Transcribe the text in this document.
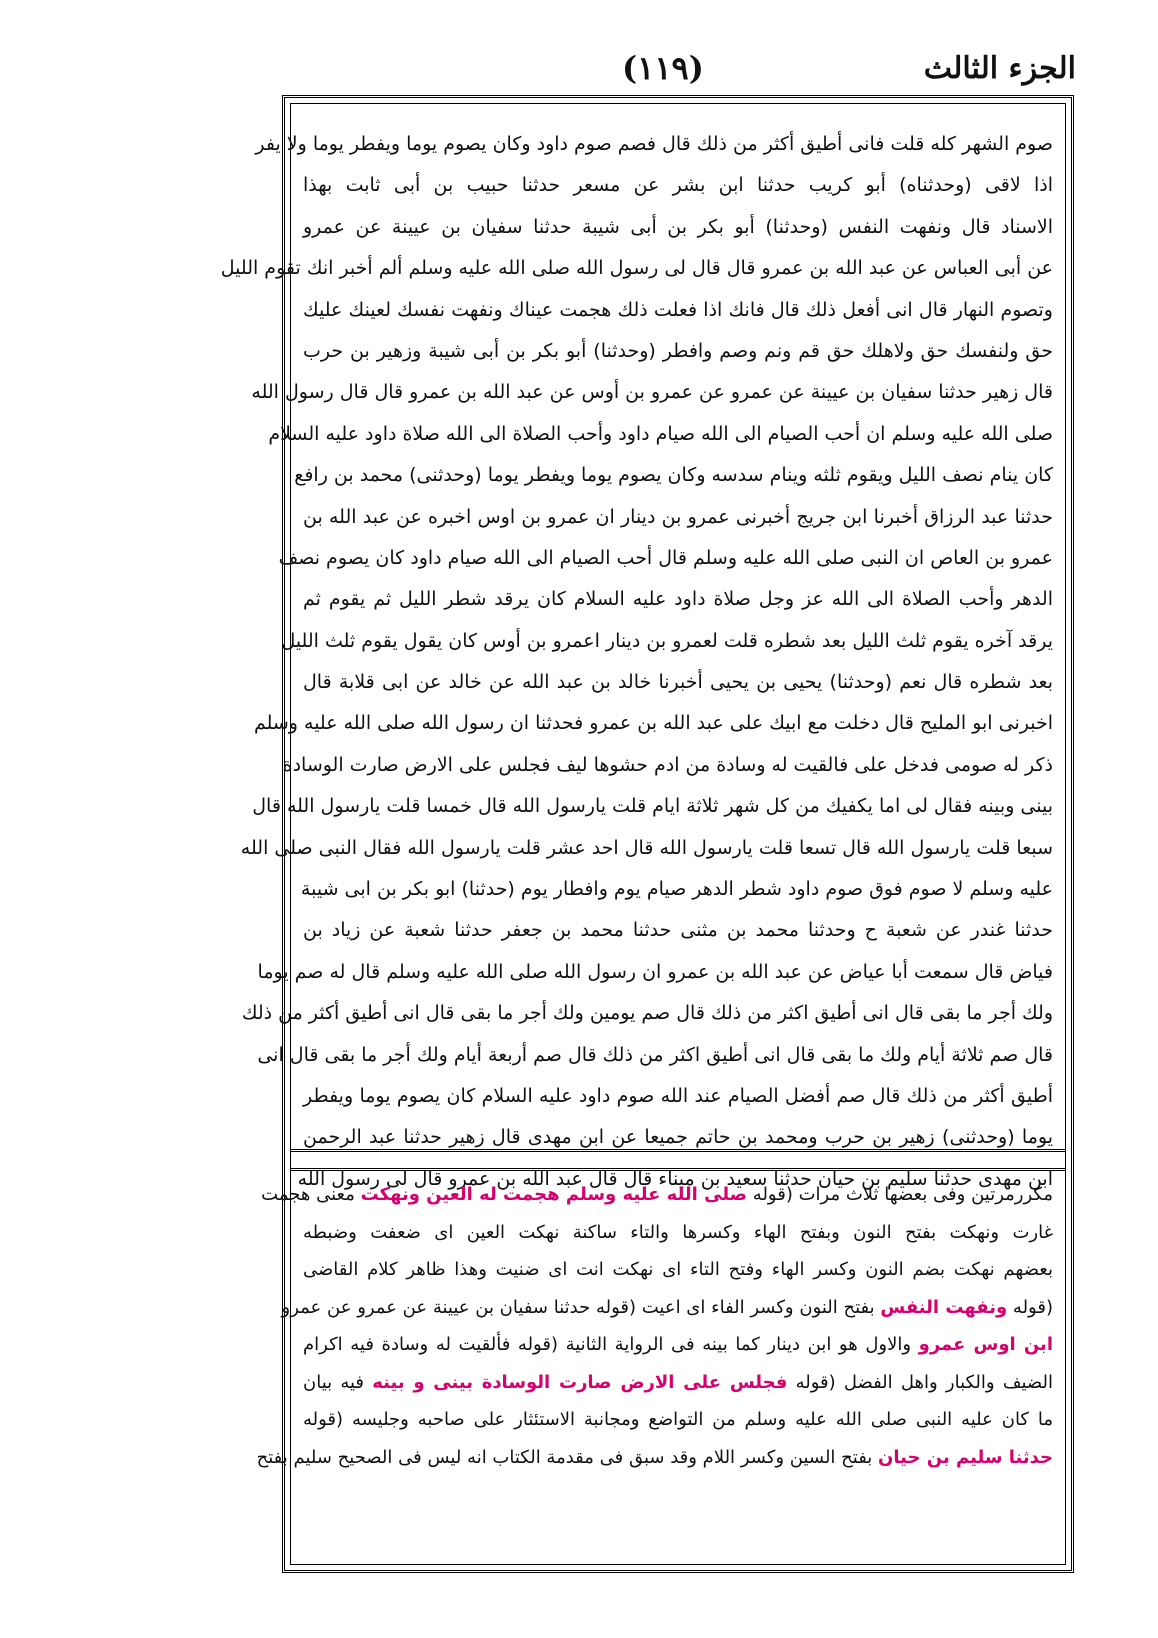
الجزء الثالث
(١١٩)
صوم الشهر كله قلت فانى أطيق أكثر من ذلك قال فصم صوم داود وكان يصوم يوما ويفطر يوما ولا يفر
اذا لاقى (وحدثناه) أبو كريب حدثنا ابن بشر عن مسعر حدثنا حبيب بن أبى ثابت بهذا
الاسناد قال ونفهت النفس (وحدثنا) أبو بكر بن أبى شيبة حدثنا سفيان بن عيينة عن عمرو
عن أبى العباس عن عبد الله بن عمرو قال قال لى رسول الله صلى الله عليه وسلم ألم أخبر انك تقوم الليل
وتصوم النهار قال انى أفعل ذلك قال فانك اذا فعلت ذلك هجمت عيناك ونفهت نفسك لعينك عليك
حق ولنفسك حق ولاهلك حق قم ونم وصم وافطر (وحدثنا) أبو بكر بن أبى شيبة وزهير بن حرب
قال زهير حدثنا سفيان بن عيينة عن عمرو عن عمرو بن أوس عن عبد الله بن عمرو قال قال رسول الله
صلى الله عليه وسلم ان أحب الصيام الى الله صيام داود وأحب الصلاة الى الله صلاة داود عليه السلام
كان ينام نصف الليل ويقوم ثلثه وينام سدسه وكان يصوم يوما ويفطر يوما (وحدثنى) محمد بن رافع
حدثنا عبد الرزاق أخبرنا ابن جريج أخبرنى عمرو بن دينار ان عمرو بن اوس اخبره عن عبد الله بن
عمرو بن العاص ان النبى صلى الله عليه وسلم قال أحب الصيام الى الله صيام داود كان يصوم نصف
الدهر وأحب الصلاة الى الله عز وجل صلاة داود عليه السلام كان يرقد شطر الليل ثم يقوم ثم
يرقد آخره يقوم ثلث الليل بعد شطره قلت لعمرو بن دينار اعمرو بن أوس كان يقول يقوم ثلث الليل
بعد شطره قال نعم (وحدثنا) يحيى بن يحيى أخبرنا خالد بن عبد الله عن خالد عن ابى قلابة قال
اخبرنى ابو المليح قال دخلت مع ابيك على عبد الله بن عمرو فحدثنا ان رسول الله صلى الله عليه وسلم
ذكر له صومى فدخل على فالقيت له وسادة من ادم حشوها ليف فجلس على الارض صارت الوسادة
بينى وبينه فقال لى اما يكفيك من كل شهر ثلاثة ايام قلت يارسول الله قال خمسا قلت يارسول الله قال
سبعا قلت يارسول الله قال تسعا قلت يارسول الله قال احد عشر قلت يارسول الله فقال النبى صلى الله
عليه وسلم لا صوم فوق صوم داود شطر الدهر صيام يوم وافطار يوم (حدثنا) ابو بكر بن ابى شيبة
حدثنا غندر عن شعبة ح وحدثنا محمد بن مثنى حدثنا محمد بن جعفر حدثنا شعبة عن زياد بن
فياض قال سمعت أبا عياض عن عبد الله بن عمرو ان رسول الله صلى الله عليه وسلم قال له صم يوما
ولك أجر ما بقى قال انى أطيق اكثر من ذلك قال صم يومين ولك أجر ما بقى قال انى أطيق أكثر من ذلك
قال صم ثلاثة أيام ولك ما بقى قال انى أطيق اكثر من ذلك قال صم أربعة أيام ولك أجر ما بقى قال انى
أطيق أكثر من ذلك قال صم أفضل الصيام عند الله صوم داود عليه السلام كان يصوم يوما ويفطر
يوما (وحدثنى) زهير بن حرب ومحمد بن حاتم جميعا عن ابن مهدى قال زهير حدثنا عبد الرحمن
ابن مهدى حدثنا سليم بن حيان حدثنا سعيد بن ميناء قال قال عبد الله بن عمرو قال لى رسول الله
مكررمرتين وفى بعضها ثلاث مرات (قوله صلى الله عليه وسلم هجمت له العين ونهكت معنى هجمت
غارت ونهكت بفتح النون وبفتح الهاء وكسرها والتاء ساكنة نهكت العين اى ضعفت وضبطه
بعضهم نهكت بضم النون وكسر الهاء وفتح التاء اى نهكت انت اى ضنيت وهذا ظاهر كلام القاضى
(قوله ونفهت النفس بفتح النون وكسر الفاء اى اعيت (قوله حدثنا سفيان بن عيينة عن عمرو عن عمرو
ابن اوس عمرو والاول هو ابن دينار كما بينه فى الرواية الثانية (قوله فألقيت له وسادة فيه اكرام
الضيف والكبار واهل الفضل (قوله فجلس على الارض صارت الوسادة بينى و بينه فيه بيان
ما كان عليه النبى صلى الله عليه وسلم من التواضع ومجانبة الاستئثار على صاحبه وجليسه (قوله
حدثنا سليم بن حيان بفتح السين وكسر اللام وقد سبق فى مقدمة الكتاب انه ليس فى الصحيح سليم بفتح
